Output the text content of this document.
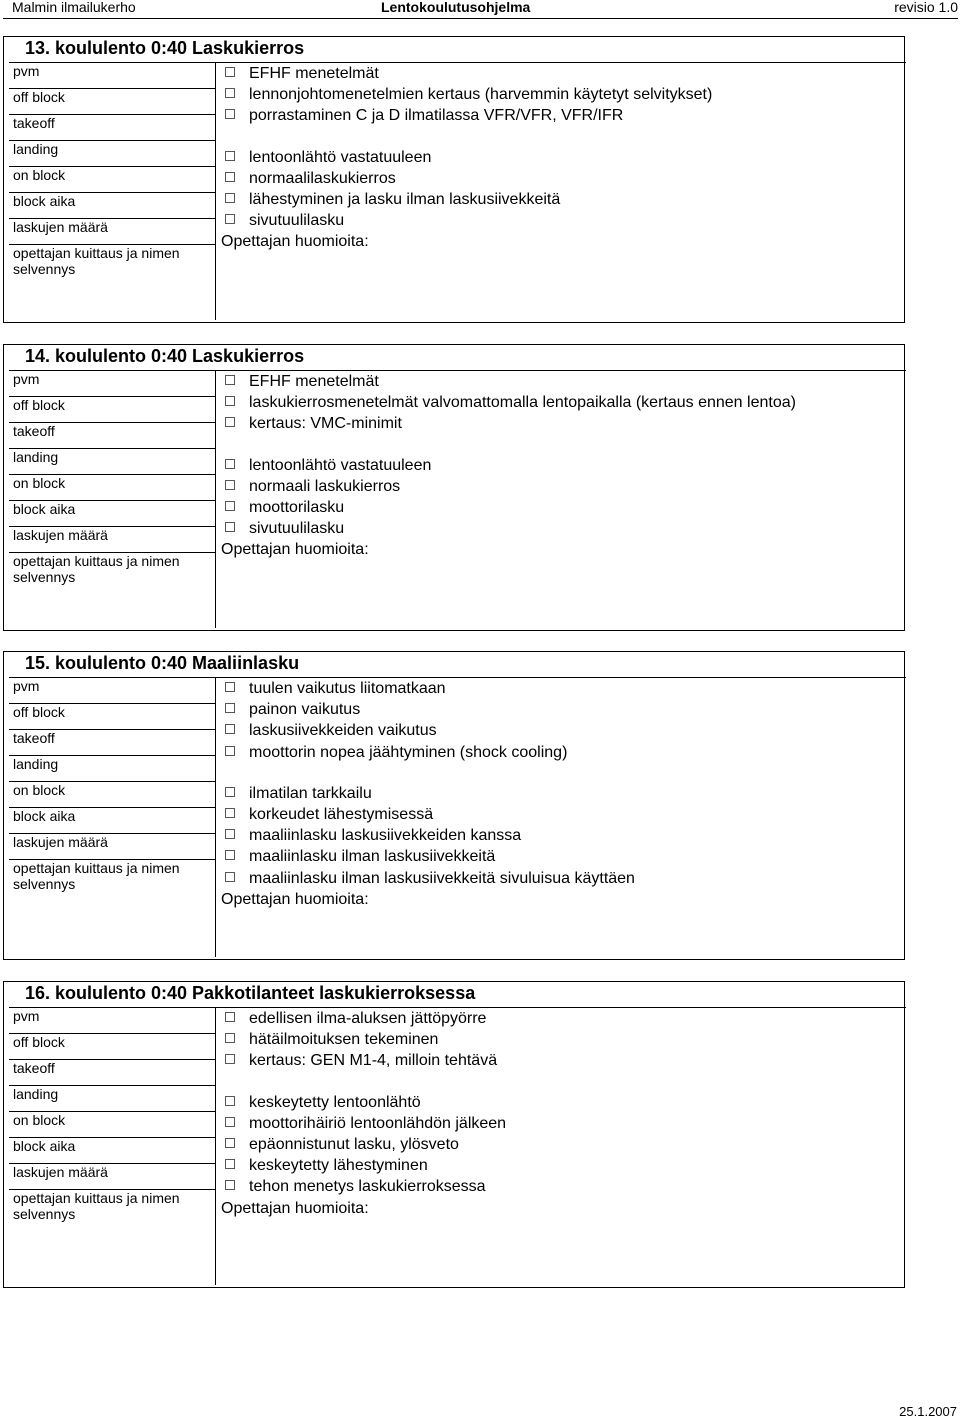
Malmin ilmailukerho	Lentokoulutusohjelma	revisio 1.0
13. koululento 0:40 Laskukierros
pvm
off block
takeoff
landing
on block
block aika
laskujen määrä
opettajan kuittaus ja nimen selvennys
EFHF menetelmät
lennonjohtomenetelmien kertaus (harvemmin käytetyt selvitykset)
porrastaminen C ja D ilmatilassa VFR/VFR, VFR/IFR
lentoonlähtö vastatuuleen
normaalilaskukierros
lähestyminen ja lasku ilman laskusiivekkeitä
sivutuulilasku
Opettajan huomioita:
14. koululento 0:40 Laskukierros
pvm
off block
takeoff
landing
on block
block aika
laskujen määrä
opettajan kuittaus ja nimen selvennys
EFHF menetelmät
laskukierrosmenetelmät valvomattomalla lentopaikalla (kertaus ennen lentoa)
kertaus: VMC-minimit
lentoonlähtö vastatuuleen
normaali laskukierros
moottorilasku
sivutuulilasku
Opettajan huomioita:
15. koululento 0:40 Maaliinlasku
pvm
off block
takeoff
landing
on block
block aika
laskujen määrä
opettajan kuittaus ja nimen selvennys
tuulen vaikutus liitomatkaan
painon vaikutus
laskusiivekkeiden vaikutus
moottorin nopea jäähtyminen (shock cooling)
ilmatilan tarkkailu
korkeudet lähestymisessä
maaliinlasku laskusiivekkeiden kanssa
maaliinlasku ilman laskusiivekkeitä
maaliinlasku ilman laskusiivekkeitä sivuluisua käyttäen
Opettajan huomioita:
16. koululento 0:40 Pakkotilanteet laskukierroksessa
pvm
off block
takeoff
landing
on block
block aika
laskujen määrä
opettajan kuittaus ja nimen selvennys
edellisen ilma-aluksen jättöpyörre
hätäilmoituksen tekeminen
kertaus: GEN M1-4, milloin tehtävä
keskeytetty lentoonlähtö
moottorihäiriö lentoonlähdön jälkeen
epäonnistunut lasku, ylösveto
keskeytetty lähestyminen
tehon menetys laskukierroksessa
Opettajan huomioita:
25.1.2007
